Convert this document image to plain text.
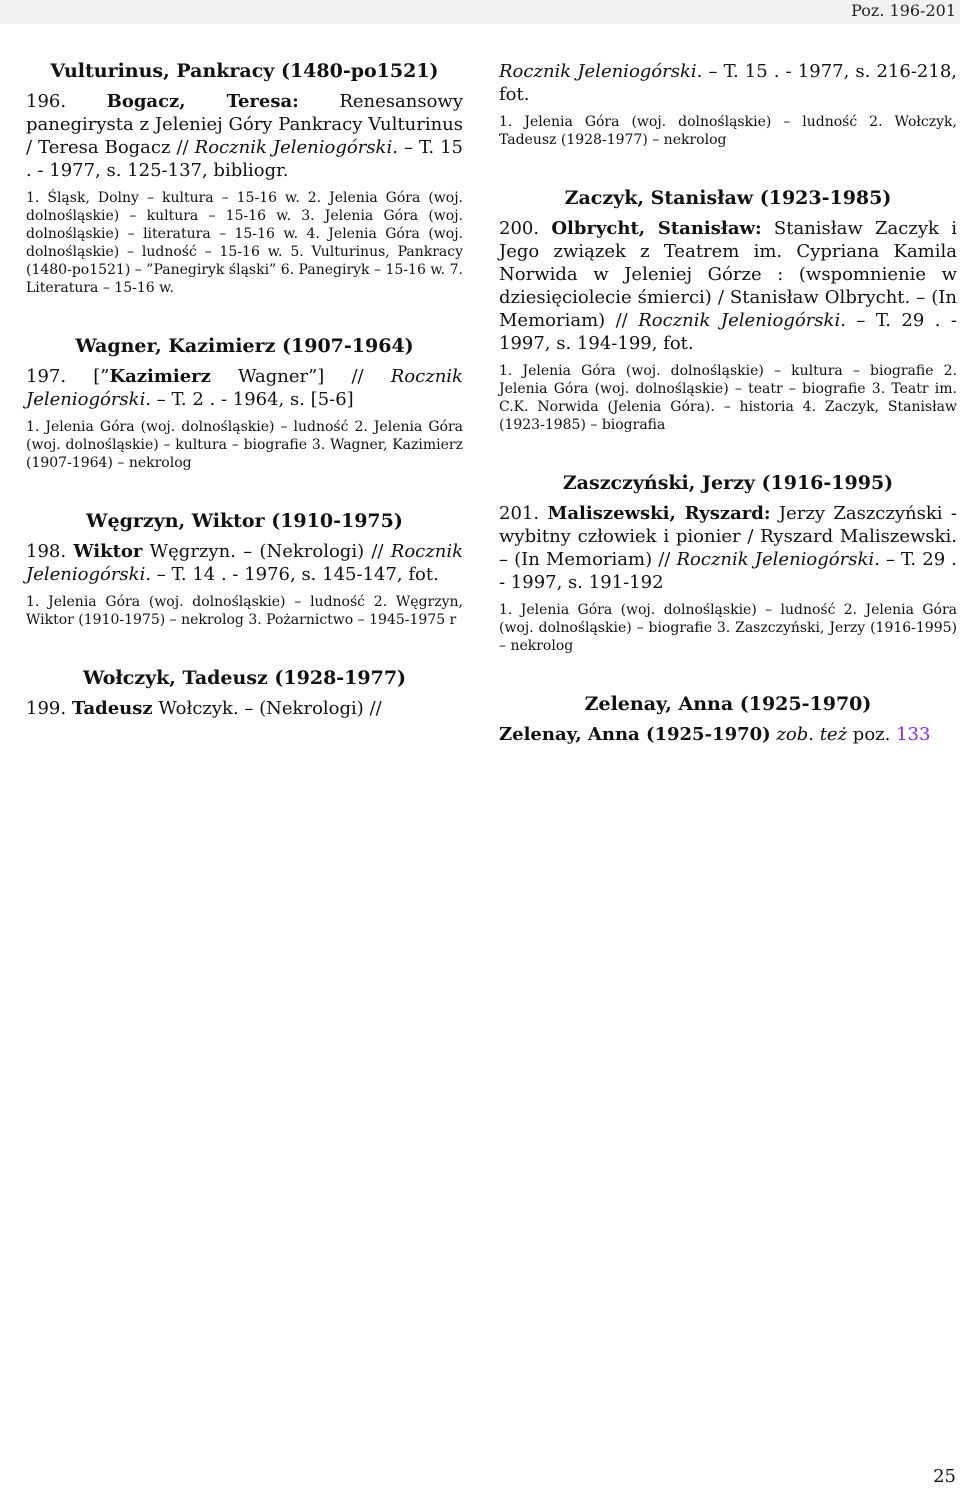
Poz. 196-201
Vulturinus, Pankracy (1480-po1521)

196. Bogacz, Teresa: Renesansowy panegirysta z Jeleniej Góry Pankracy Vulturinus / Teresa Bogacz // Rocznik Jeleniogórski. – T. 15 . - 1977, s. 125-137, bibliogr.

1. Śląsk, Dolny – kultura – 15-16 w. 2. Jelenia Góra (woj. dolnośląskie) – kultura – 15-16 w. 3. Jelenia Góra (woj. dolnośląskie) – literatura – 15-16 w. 4. Jelenia Góra (woj. dolnośląskie) – ludność – 15-16 w. 5. Vulturinus, Pankracy (1480-po1521) – ”Panegiryk śląski” 6. Panegiryk – 15-16 w. 7. Literatura – 15-16 w.

Wagner, Kazimierz (1907-1964)

197. [”Kazimierz Wagner”] // Rocznik Jeleniogórski. – T. 2 . - 1964, s. [5-6]

1. Jelenia Góra (woj. dolnośląskie) – ludność 2. Jelenia Góra (woj. dolnośląskie) – kultura – biografie 3. Wagner, Kazimierz (1907-1964) – nekrolog

Węgrzyn, Wiktor (1910-1975)

198. Wiktor Węgrzyn. – (Nekrologi) // Rocznik Jeleniogórski. – T. 14 . - 1976, s. 145-147, fot.

1. Jelenia Góra (woj. dolnośląskie) – ludność 2. Węgrzyn, Wiktor (1910-1975) – nekrolog 3. Pożarnictwo – 1945-1975 r

Wołczyk, Tadeusz (1928-1977)

199. Tadeusz Wołczyk. – (Nekrologi) //

Rocznik Jeleniogórski. – T. 15 . - 1977, s. 216-218, fot.

1. Jelenia Góra (woj. dolnośląskie) – ludność 2. Wołczyk, Tadeusz (1928-1977) – nekrolog

Zaczyk, Stanisław (1923-1985)

200. Olbrycht, Stanisław: Stanisław Zaczyk i Jego związek z Teatrem im. Cypriana Kamila Norwida w Jeleniej Górze : (wspomnienie w dziesięciolecie śmierci) / Stanisław Olbrycht. – (In Memoriam) // Rocznik Jeleniogórski. – T. 29 . - 1997, s. 194-199, fot.

1. Jelenia Góra (woj. dolnośląskie) – kultura – biografie 2. Jelenia Góra (woj. dolnośląskie) – teatr – biografie 3. Teatr im. C.K. Norwida (Jelenia Góra). – historia 4. Zaczyk, Stanisław (1923-1985) – biografia

Zaszczyński, Jerzy (1916-1995)

201. Maliszewski, Ryszard: Jerzy Zaszczyński - wybitny człowiek i pionier / Ryszard Maliszewski. – (In Memoriam) // Rocznik Jeleniogórski. – T. 29 . - 1997, s. 191-192

1. Jelenia Góra (woj. dolnośląskie) – ludność 2. Jelenia Góra (woj. dolnośląskie) – biografie 3. Zaszczyński, Jerzy (1916-1995) – nekrolog

Zelenay, Anna (1925-1970)

Zelenay, Anna (1925-1970) zob. też poz. 133

25
